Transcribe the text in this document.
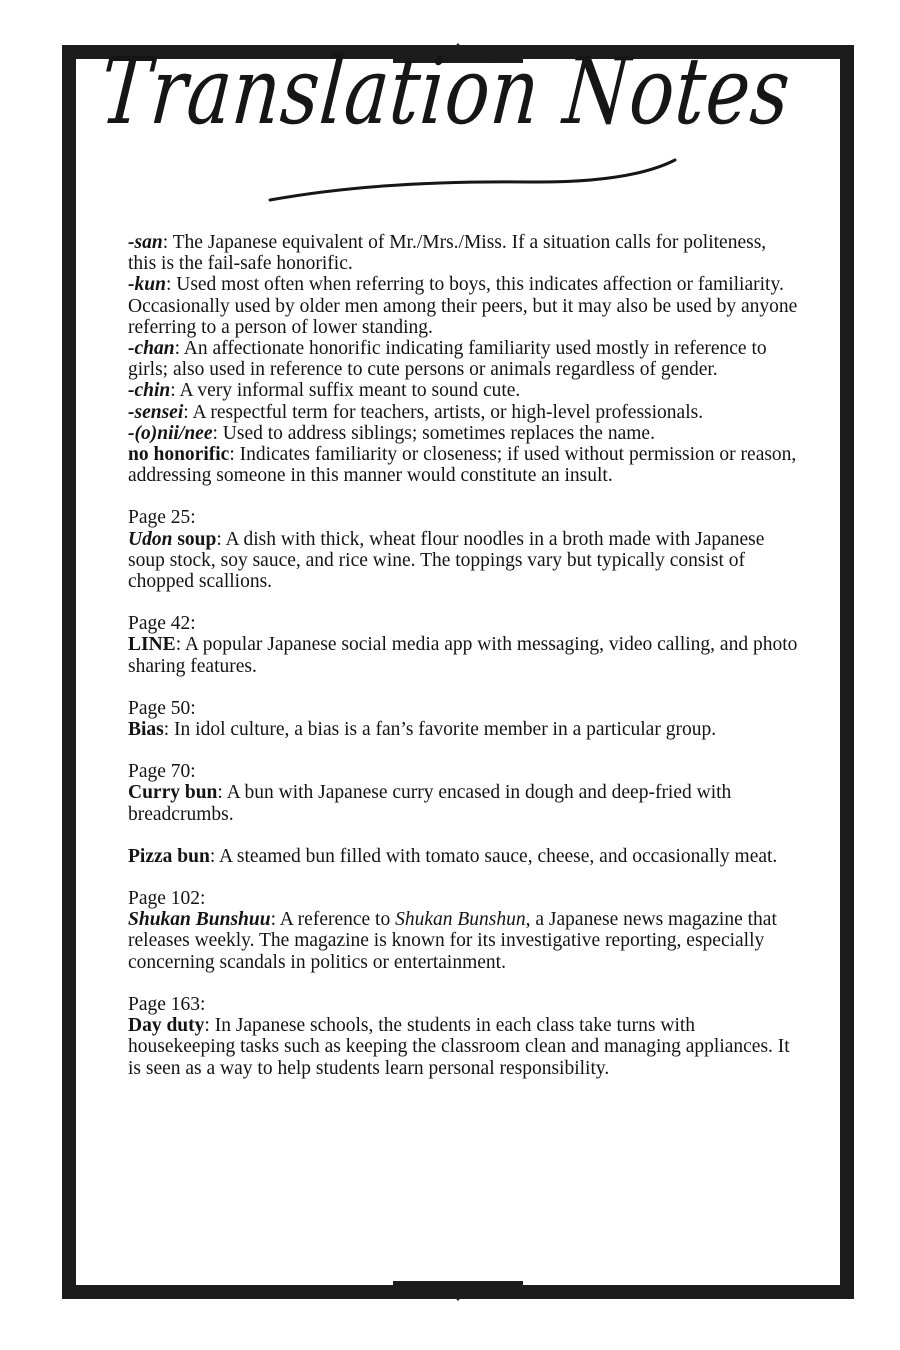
Translation Notes

-san: The Japanese equivalent of Mr./Mrs./Miss. If a situation calls for politeness, this is the fail-safe honorific.

-kun: Used most often when referring to boys, this indicates affection or familiarity. Occasionally used by older men among their peers, but it may also be used by anyone referring to a person of lower standing.

-chan: An affectionate honorific indicating familiarity used mostly in reference to girls; also used in reference to cute persons or animals regardless of gender.

-chin: A very informal suffix meant to sound cute.

-sensei: A respectful term for teachers, artists, or high-level professionals.

-(o)nii/nee: Used to address siblings; sometimes replaces the name.

no honorific: Indicates familiarity or closeness; if used without permission or reason, addressing someone in this manner would constitute an insult.

Page 25:

Udon soup: A dish with thick, wheat flour noodles in a broth made with Japanese soup stock, soy sauce, and rice wine. The toppings vary but typically consist of chopped scallions.

Page 42:

LINE: A popular Japanese social media app with messaging, video calling, and photo sharing features.

Page 50:

Bias: In idol culture, a bias is a fan’s favorite member in a particular group.

Page 70:

Curry bun: A bun with Japanese curry encased in dough and deep-fried with breadcrumbs.

Pizza bun: A steamed bun filled with tomato sauce, cheese, and occasionally meat.

Page 102:

Shukan Bunshuu: A reference to Shukan Bunshun, a Japanese news magazine that releases weekly. The magazine is known for its investigative reporting, especially concerning scandals in politics or entertainment.

Page 163:

Day duty: In Japanese schools, the students in each class take turns with housekeeping tasks such as keeping the classroom clean and managing appliances. It is seen as a way to help students learn personal responsibility.
